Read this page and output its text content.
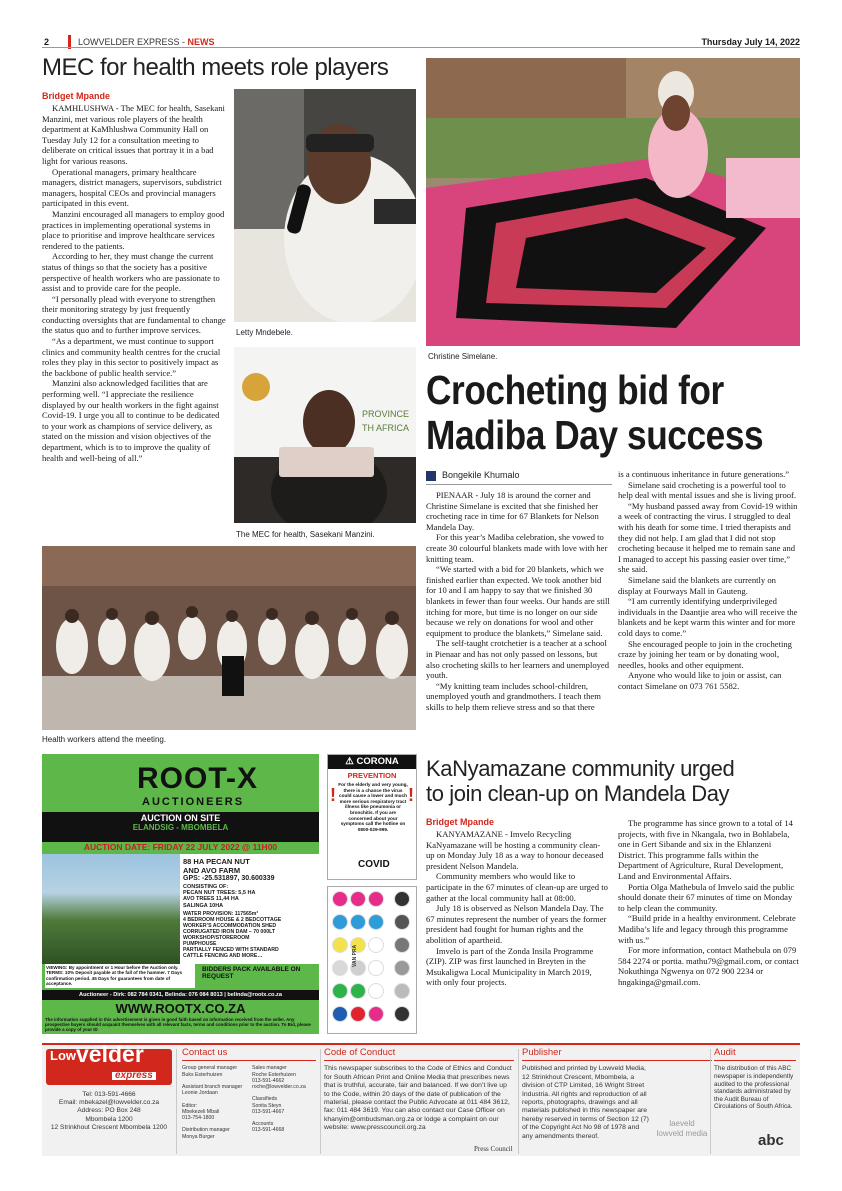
2	LOWVELDER EXPRESS - NEWS	Thursday July 14, 2022
MEC for health meets role players
Bridget Mpande

KAMHLUSHWA - The MEC for health, Sasekani Manzini, met various role players of the health department at KaMhlushwa Community Hall on Tuesday July 12 for a consultation meeting to deliberate on critical issues that portray it in a bad light for various reasons.

Operational managers, primary healthcare managers, district managers, supervisors, subdistrict managers, hospital CEOs and provincial managers participated in this event.

Manzini encouraged all managers to employ good practices in implementing operational systems in place to prioritise and improve healthcare services rendered to the patients.

According to her, they must change the current status of things so that the society has a positive perspective of health workers who are passionate to assist and to provide care for the people.

“I personally plead with everyone to strengthen their monitoring strategy by just frequently conducting oversights that are fundamental to change the status quo and to further improve services.

“As a department, we must continue to support clinics and community health centres for the crucial roles they play in this sector to positively impact as the backbone of public health service.”

Manzini also acknowledged facilities that are performing well. “I appreciate the resilience displayed by our health workers in the fight against Covid-19. I urge you all to continue to be dedicated to your work as champions of service delivery, as stated on the mission and vision objectives of the department, which is to to improve the quality of health and well-being of all.”

Letty Mndebele.
PROVINCE
TH AFRICA
The MEC for health, Sasekani Manzini.
Health workers attend the meeting.
Christine Simelane.
Crocheting bid for
Madiba Day success
Bongekile Khumalo

PIENAAR - July 18 is around the corner and Christine Simelane is excited that she finished her crocheting race in time for 67 Blankets for Nelson Mandela Day.

For this year’s Madiba celebration, she vowed to create 30 colourful blankets made with love with her knitting team.

“We started with a bid for 20 blankets, which we finished earlier than expected. We took another bid for 10 and I am happy to say that we finished 30 blankets in fewer than four weeks. Our hands are still itching for more, but time is no longer on our side because we rely on donations for wool and other equipment to produce the blankets,” Simelane said.

The self-taught crotchetier is a teacher at a school in Pienaar and has not only passed on lessons, but also crocheting skills to her learners and unemployed youth.

“My knitting team includes school-children, unemployed youth and grandmothers. I teach them skills to help them relieve stress and so that there

is a continuous inheritance in future generations.”

Simelane said crocheting is a powerful tool to help deal with mental issues and she is living proof.

“My husband passed away from Covid-19 within a week of contracting the virus. I struggled to deal with his death for some time. I tried therapists and they did not help. I am glad that I did not stop crocheting because it helped me to remain sane and I managed to accept his passing easier over time,” she said.

Simelane said the blankets are currently on display at Fourways Mall in Gauteng.

“I am currently identifying underprivileged individuals in the Daantjie area who will receive the blankets and be kept warm this winter and for more cold days to come.”

She encouraged people to join in the crocheting craze by joining her team or by donating wool, needles, hooks and other equipment.

Anyone who would like to join or assist, can contact Simelane on 073 761 5582.

ROOT-X
AUCTIONEERS
AUCTION ON SITE
ELANDSIG - MBOMBELA
AUCTION DATE: FRIDAY 22 JULY 2022 @ 11H00
88 HA PECAN NUT
AND AVO FARM
GPS: -25.531897, 30.600339
CONSISTING OF:
PECAN NUT TREES: 5,5 HA
AVO TREES 11,44 HA
SALINGA 10HA
WATER PROVISION: 117565m³
4 BEDROOM HOUSE & 2 BEDCOTTAGE
WORKER’S ACCOMMODATION SHED
CORRUGATED IRON DAM – 70 000LT
WORKSHOP/STOREROOM
PUMPHOUSE
PARTIALLY FENCED WITH STANDARD
CATTLE FENCING AND MORE…
VIEWING: By appointment or 1 Hour before the Auction only.
TERMS: 10% Deposit payable at the fall of the hammer. 7 Days confirmation period. 45 Days for guarantees from date of acceptance.
BIDDERS PACK AVAILABLE ON REQUEST
Auctioneer - Dirk: 082 784 0341, Belinda: 076 084 8013 | belinda@rootx.co.za
WWW.ROOTX.CO.ZA
The information supplied in this advertisement is given in good faith based on information received from the seller. Any prospective buyers should acquaint themselves with all relevant facts, terms and conditions prior to the auction. To Bid, please provide a copy of your ID
⚠ CORONA
PREVENTION
For the elderly and very young, there is a chance the virus could cause a lower and much more serious respiratory tract illness like pneumonia or bronchitis. If you are concerned about your symptoms call the hotline on 0800-029-999.
!	!
COVID
VAN PRA
KaNyamazane community urged
to join clean-up on Mandela Day
Bridget Mpande

KANYAMAZANE - Imvelo Recycling KaNyamazane will be hosting a community clean-up on Monday July 18 as a way to honour deceased president Nelson Mandela.

Community members who would like to participate in the 67 minutes of clean-up are urged to gather at the local community hall at 08:00.

July 18 is observed as Nelson Mandela Day. The 67 minutes represent the number of years the former president had fought for human rights and the abolition of apartheid.

Imvelo is part of the Zonda Insila Programme (ZIP). ZIP was first launched in Breyten in the Msukaligwa Local Municipality in March 2019, with only four projects.

The programme has since grown to a total of 14 projects, with five in Nkangala, two in Bohlabela, one in Gert Sibande and six in the Ehlanzeni District. This programme falls within the Department of Agriculture, Rural Development, Land and Environmental Affairs.

Portia Olga Mathebula of Imvelo said the public should donate their 67 minutes of time on Monday to help clean the community.

“Build pride in a healthy environment. Celebrate Madiba’s life and legacy through this programme with us.”

For more information, contact Mathebula on 079 584 2274 or portia. mathu79@gmail.com, or contact Nokuthinga Ngwenya on 072 900 2234 or hngakinga@gmail.com.

Low velder
express
Tel: 013-591-4666
Email: mbekazel@lowvelder.co.za
Address: PO Box 248
Mbombela 1200
12 Strinkhout Crescent Mbombela 1200
Contact us
Group general manager
Buks Esterhuizen

Assistant branch manager
Leonie Jordaan

Editor:
Mbekezeli Mbali
013-754-1800

Distribution manager
Monya Burger
Sales manager
Roche Esterhuizen
013-591-4662
roche@lowvelder.co.za

Classifieds
Sonita Steyn
013-591-4667

Accounts
013-591-4668
Code of Conduct
This newspaper subscribes to the Code of Ethics and Conduct for South African Print and Online Media that prescribes news that is truthful, accurate, fair and balanced. If we don’t live up to the Code, within 20 days of the date of publication of the material, please contact the Public Advocate at 011 484 3612, fax: 011 484 3619. You can also contact our Case Officer on khanyim@ombudsman.org.za or lodge a complaint on our website: www.presscouncil.org.za
Press Council
Publisher
Published and printed by Lowveld Media, 12 Strinkhout Crescent, Mbombela, a division of CTP Limited, 16 Wright Street Industria. All rights and reproduction of all reports, photographs, drawings and all materials published in this newspaper are hereby reserved in terms of Section 12 (7) of the Copyright Act No 98 of 1978 and any amendments thereof.
laeveld lowveld media
Audit
The distribution of this ABC newspaper is independently audited to the professional standards administrated by the Audit Bureau of Circulations of South Africa.
abc
